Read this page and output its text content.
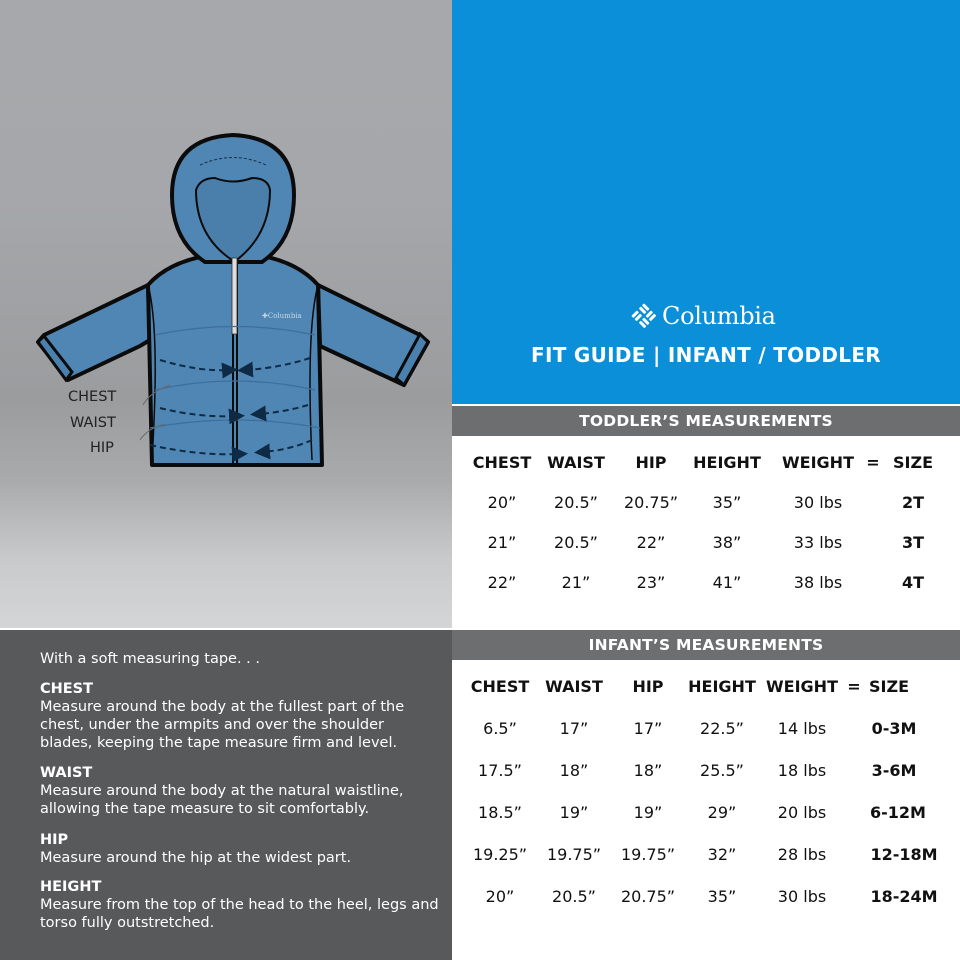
✚Columbia
CHEST
WAIST
HIP
Columbia
FIT GUIDE | INFANT / TODDLER
TODDLER’S MEASUREMENTS
CHEST WAIST HIP HEIGHT WEIGHT = SIZE
20” 20.5” 20.75” 35”	30 lbs	2T
21” 20.5” 22”	38”	33 lbs	3T
22”	21”	23”	41”	38 lbs	4T
With a soft measuring tape. . .
CHEST
Measure around the body at the fullest part of the chest, under the armpits and over the shoulder blades, keeping the tape measure firm and level.
WAIST
Measure around the body at the natural waistline, allowing the tape measure to sit comfortably.
HIP
Measure around the hip at the widest part.
HEIGHT
Measure from the top of the head to the heel, legs and torso fully outstretched.
INFANT’S MEASUREMENTS
CHEST WAIST HIP HEIGHT WEIGHT = SIZE
6.5”	17”	17” 22.5” 14 lbs	0-3M
17.5” 18”	18” 25.5” 18 lbs	3-6M
18.5” 19”	19”	29”	20 lbs	6-12M
19.25” 19.75” 19.75” 32”	28 lbs	12-18M
20” 20.5” 20.75” 35”	30 lbs	18-24M
